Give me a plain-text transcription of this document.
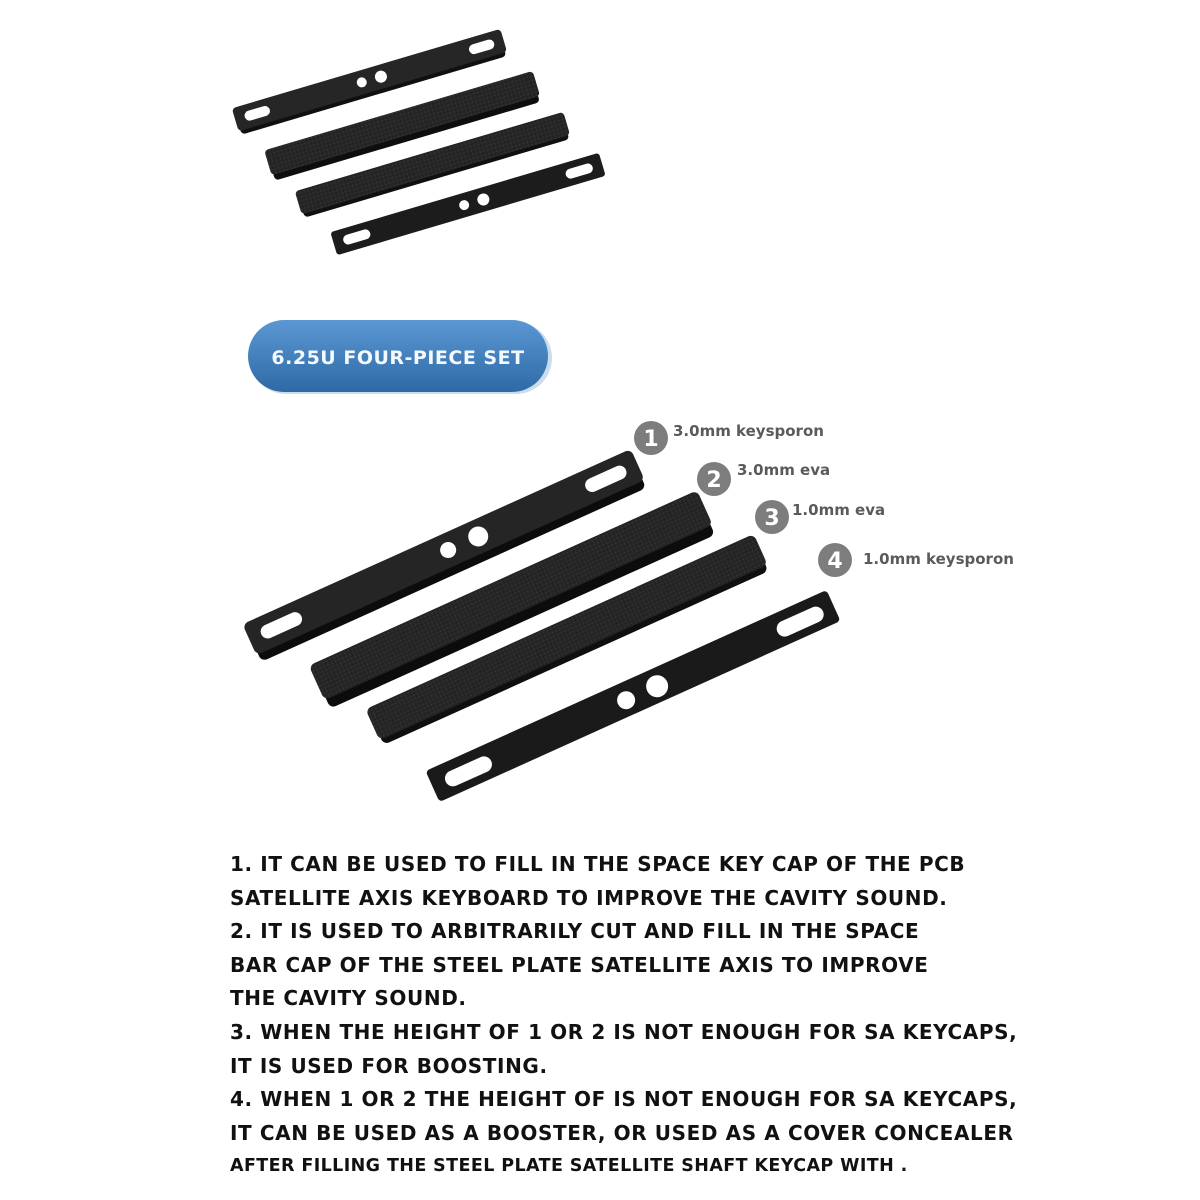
6.25U FOUR-PIECE SET
1 3.0mm keysporon
2 3.0mm eva
3 1.0mm eva
4 1.0mm keysporon
1. IT CAN BE USED TO FILL IN THE SPACE KEY CAP OF THE PCB
SATELLITE AXIS KEYBOARD TO IMPROVE THE CAVITY SOUND.
2. IT IS USED TO ARBITRARILY CUT AND FILL IN THE SPACE
BAR CAP OF THE STEEL PLATE SATELLITE AXIS TO IMPROVE
THE CAVITY SOUND.
3. WHEN THE HEIGHT OF 1 OR 2 IS NOT ENOUGH FOR SA KEYCAPS,
IT IS USED FOR BOOSTING.
4. WHEN 1 OR 2 THE HEIGHT OF IS NOT ENOUGH FOR SA KEYCAPS,
IT CAN BE USED AS A BOOSTER, OR USED AS A COVER CONCEALER
AFTER FILLING THE STEEL PLATE SATELLITE SHAFT KEYCAP WITH .
